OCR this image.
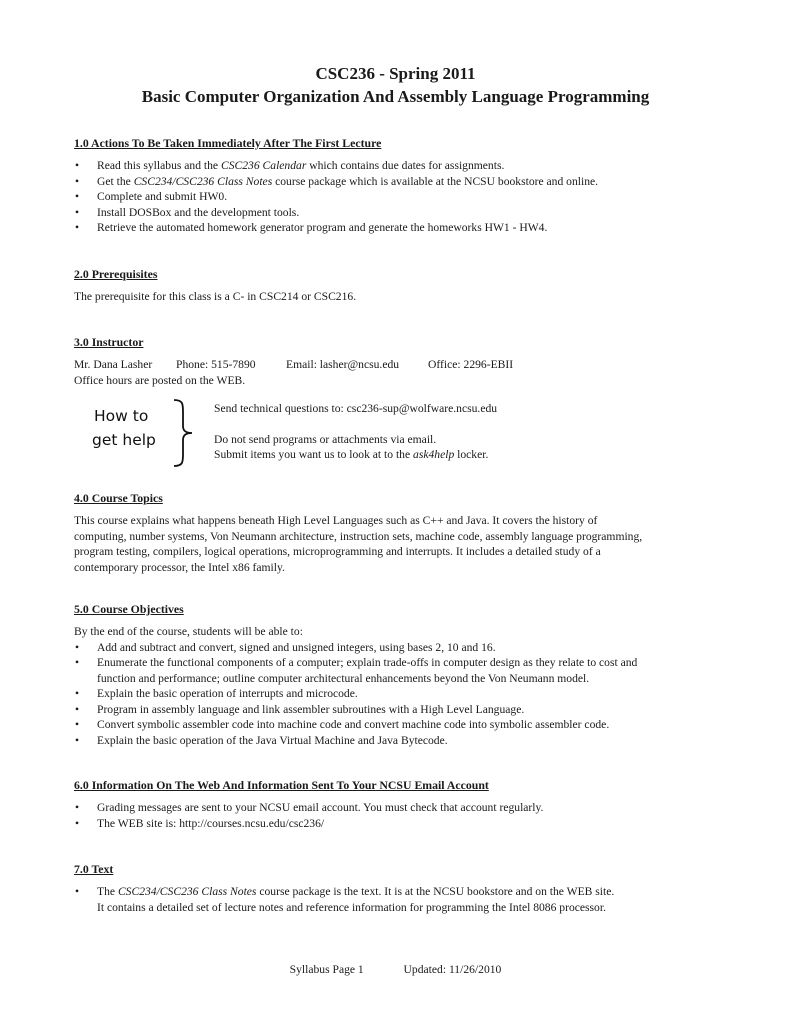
CSC236 - Spring 2011
Basic Computer Organization And Assembly Language Programming
1.0 Actions To Be Taken Immediately After The First Lecture
• Read this syllabus and the CSC236 Calendar which contains due dates for assignments.
• Get the CSC234/CSC236 Class Notes course package which is available at the NCSU bookstore and online.
• Complete and submit HW0.
• Install DOSBox and the development tools.
• Retrieve the automated homework generator program and generate the homeworks HW1 - HW4.
2.0 Prerequisites

The prerequisite for this class is a C- in CSC214 or CSC216.

3.0 Instructor

Mr. Dana Lasher Phone: 515-7890	Email: lasher@ncsu.edu Office: 2296-EBII

Office hours are posted on the WEB.

How to
get help

Send technical questions to: csc236-sup@wolfware.ncsu.edu

Do not send programs or attachments via email.

Submit items you want us to look at to the ask4help locker.

4.0 Course Topics

This course explains what happens beneath High Level Languages such as C++ and Java. It covers the history of

computing, number systems, Von Neumann architecture, instruction sets, machine code, assembly language programming,

program testing, compilers, logical operations, microprogramming and interrupts. It includes a detailed study of a

contemporary processor, the Intel x86 family.

5.0 Course Objectives

By the end of the course, students will be able to:

• Add and subtract and convert, signed and unsigned integers, using bases 2, 10 and 16.
• Enumerate the functional components of a computer; explain trade-offs in computer design as they relate to cost and
function and performance; outline computer architectural enhancements beyond the Von Neumann model.
• Explain the basic operation of interrupts and microcode.
• Program in assembly language and link assembler subroutines with a High Level Language.
• Convert symbolic assembler code into machine code and convert machine code into symbolic assembler code.
• Explain the basic operation of the Java Virtual Machine and Java Bytecode.
6.0 Information On The Web And Information Sent To Your NCSU Email Account
• Grading messages are sent to your NCSU email account. You must check that account regularly.
• The WEB site is: http://courses.ncsu.edu/csc236/
7.0 Text
• The CSC234/CSC236 Class Notes course package is the text. It is at the NCSU bookstore and on the WEB site.
It contains a detailed set of lecture notes and reference information for programming the Intel 8086 processor.
Syllabus Page 1	Updated: 11/26/2010
